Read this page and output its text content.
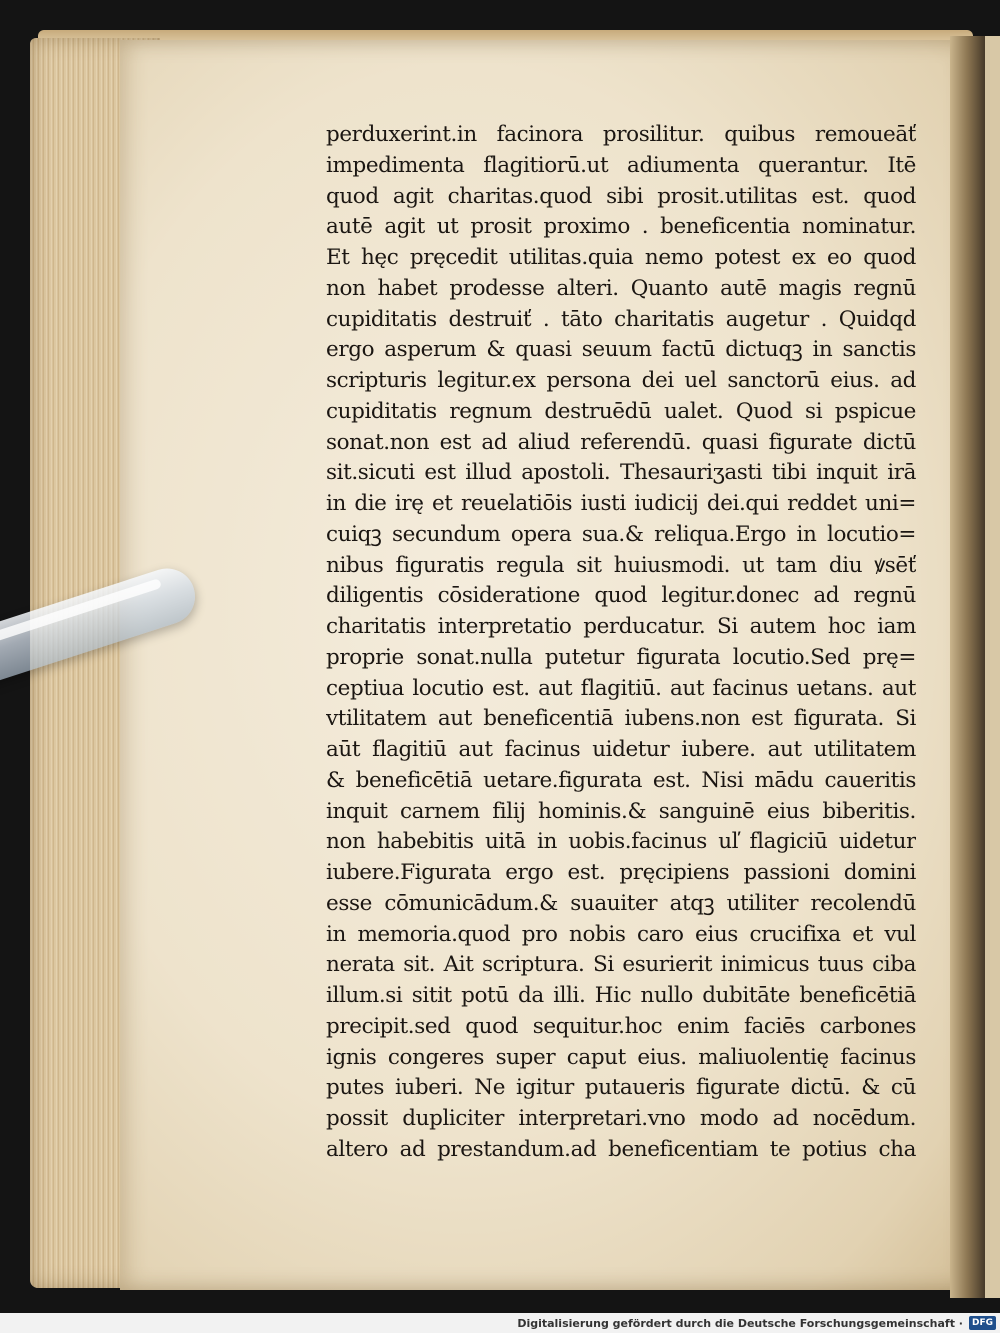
perduxerint.in facinora prosilitur. quibus remoueāť
impedimenta flagitiorū.ut adiumenta querantur. Itē
quod agit charitas.quod sibi prosit.utilitas est. quod
autē agit ut prosit proximo . beneficentia nominatur.
Et hęc pręcedit utilitas.quia nemo potest ex eo quod
non habet prodesse alteri. Quanto autē magis regnū
cupiditatis destruiť . tāto charitatis augetur . Quidqd
ergo asperum & quasi seuum factū dictuqꝫ in sanctis
scripturis legitur.ex persona dei uel sanctorū eius. ad
cupiditatis regnum destruēdū ualet. Quod si pspicue
sonat.non est ad aliud referendū. quasi figurate dictū
sit.sicuti est illud apostoli. Thesauriʒasti tibi inquit irā
in die irę et reuelatiōis iusti iudicij dei.qui reddet uni=
cuiqꝫ secundum opera sua.& reliqua.Ergo in locutio=
nibus figuratis regula sit huiusmodi. ut tam diu ꝟsēť
diligentis cōsideratione quod legitur.donec ad regnū
charitatis interpretatio perducatur. Si autem hoc iam
proprie sonat.nulla putetur figurata locutio.Sed prę=
ceptiua locutio est. aut flagitiū. aut facinus uetans. aut
vtilitatem aut beneficentiā iubens.non est figurata. Si
aūt flagitiū aut facinus uidetur iubere. aut utilitatem
& beneficētiā uetare.figurata est. Nisi mādu caueritis
inquit carnem filij hominis.& sanguinē eius biberitis.
non habebitis uitā in uobis.facinus uľ flagiciū uidetur
iubere.Figurata ergo est. pręcipiens passioni domini
esse cōmunicādum.& suauiter atqꝫ utiliter recolendū
in memoria.quod pro nobis caro eius crucifixa et vul
nerata sit. Ait scriptura. Si esurierit inimicus tuus ciba
illum.si sitit potū da illi. Hic nullo dubitāte beneficētiā
precipit.sed quod sequitur.hoc enim faciēs carbones
ignis congeres super caput eius. maliuolentię facinus
putes iuberi. Ne igitur putaueris figurate dictū. & cū
possit dupliciter interpretari.vno modo ad nocēdum.
altero ad prestandum.ad beneficentiam te potius cha
Digitalisierung gefördert durch die Deutsche Forschungsgemeinschaft ·	DFG
